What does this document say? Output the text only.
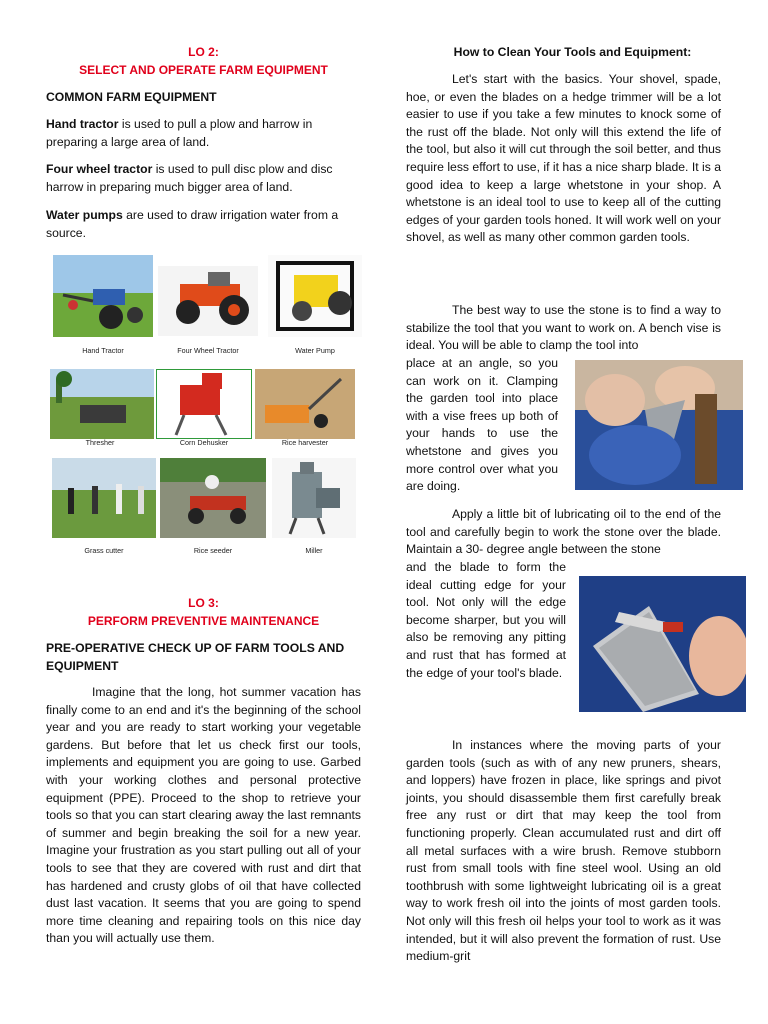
LO 2:

SELECT AND OPERATE FARM EQUIPMENT

COMMON FARM EQUIPMENT

Hand tractor is used to pull a plow and harrow in preparing a large area of land.

Four wheel tractor is used to pull disc plow and disc harrow in preparing much bigger area of land.

Water pumps are used to draw irrigation water from a source.

Hand Tractor	Four Wheel Tractor	Water Pump
Thresher	Corn Dehusker	Rice harvester
Grass cutter	Rice seeder	Miller

LO 3:

PERFORM PREVENTIVE MAINTENANCE

PRE-OPERATIVE CHECK UP OF FARM TOOLS AND EQUIPMENT

Imagine that the long, hot summer vacation has finally come to an end and it's the beginning of the school year and you are ready to start working your vegetable gardens. But before that let us check first our tools, implements and equipment you are going to use. Garbed with your working clothes and personal protective equipment (PPE). Proceed to the shop to retrieve your tools so that you can start clearing away the last remnants of summer and begin breaking the soil for a new year. Imagine your frustration as you start pulling out all of your tools to see that they are covered with rust and dirt that has hardened and crusty globs of oil that have collected dust last vacation. It seems that you are going to spend more time cleaning and repairing tools on this nice day than you will actually use them.

How to Clean Your Tools and Equipment:

Let's start with the basics. Your shovel, spade, hoe, or even the blades on a hedge trimmer will be a lot easier to use if you take a few minutes to knock some of the rust off the blade. Not only will this extend the life of the tool, but also it will cut through the soil better, and thus require less effort to use, if it has a nice sharp blade. It is a good idea to keep a large whetstone in your shop. A whetstone is an ideal tool to use to keep all of the cutting edges of your garden tools honed. It will work well on your shovel, as well as many other common garden tools.

The best way to use the stone is to find a way to stabilize the tool that you want to work on. A bench vise is ideal. You will be able to clamp the tool into

place at an angle, so you can work on it. Clamping the garden tool into place with a vise frees up both of your hands to use the whetstone and gives you more control over what you are doing.

Apply a little bit of lubricating oil to the end of the tool and carefully begin to work the stone over the blade. Maintain a 30- degree angle between the stone

and the blade to form the ideal cutting edge for your tool. Not only will the edge become sharper, but you will also be removing any pitting and rust that has formed at the edge of your tool's blade.

In instances where the moving parts of your garden tools (such as with of any new pruners, shears, and loppers) have frozen in place, like springs and pivot joints, you should disassemble them first carefully break free any rust or dirt that may keep the tool from functioning properly. Clean accumulated rust and dirt off all metal surfaces with a wire brush. Remove stubborn rust from small tools with fine steel wool. Using an old toothbrush with some lightweight lubricating oil is a great way to work fresh oil into the joints of most garden tools. Not only will this fresh oil helps your tool to work as it was intended, but it will also prevent the formation of rust. Use medium-grit
